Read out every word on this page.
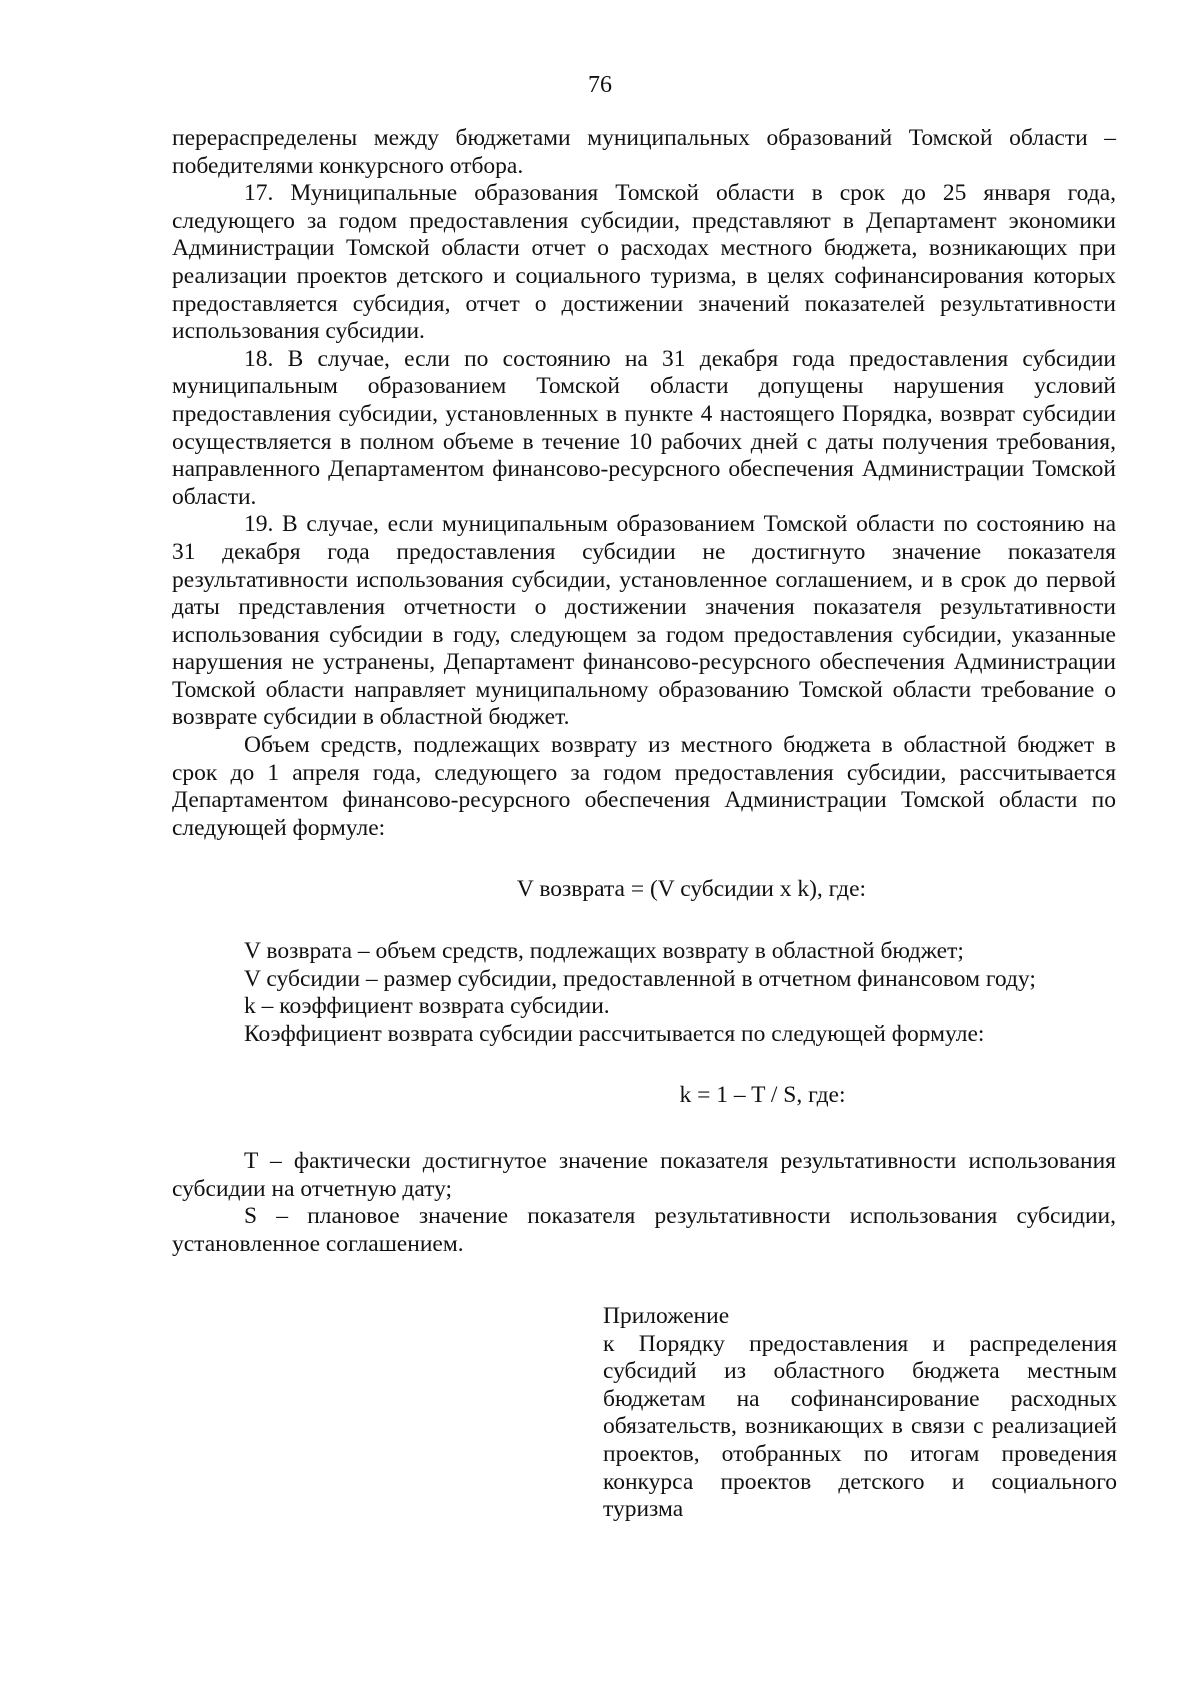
76

перераспределены между бюджетами муниципальных образований Томской области – победителями конкурсного отбора.

17. Муниципальные образования Томской области в срок до 25 января года, следующего за годом предоставления субсидии, представляют в Департамент экономики Администрации Томской области отчет о расходах местного бюджета, возникающих при реализации проектов детского и социального туризма, в целях софинансирования которых предоставляется субсидия, отчет о достижении значений показателей результативности использования субсидии.

18. В случае, если по состоянию на 31 декабря года предоставления субсидии муниципальным образованием Томской области допущены нарушения условий предоставления субсидии, установленных в пункте 4 настоящего Порядка, возврат субсидии осуществляется в полном объеме в течение 10 рабочих дней с даты получения требования, направленного Департаментом финансово-ресурсного обеспечения Администрации Томской области.

19. В случае, если муниципальным образованием Томской области по состоянию на 31 декабря года предоставления субсидии не достигнуто значение показателя результативности использования субсидии, установленное соглашением, и в срок до первой даты представления отчетности о достижении значения показателя результативности использования субсидии в году, следующем за годом предоставления субсидии, указанные нарушения не устранены, Департамент финансово-ресурсного обеспечения Администрации Томской области направляет муниципальному образованию Томской области требование о возврате субсидии в областной бюджет.

Объем средств, подлежащих возврату из местного бюджета в областной бюджет в срок до 1 апреля года, следующего за годом предоставления субсидии, рассчитывается Департаментом финансово-ресурсного обеспечения Администрации Томской области по следующей формуле:

V возврата = (V субсидии x k), где:

V возврата – объем средств, подлежащих возврату в областной бюджет;

V субсидии – размер субсидии, предоставленной в отчетном финансовом году;

k – коэффициент возврата субсидии.

Коэффициент возврата субсидии рассчитывается по следующей формуле:

k = 1 – T / S, где:

T – фактически достигнутое значение показателя результативности использования субсидии на отчетную дату;

S – плановое значение показателя результативности использования субсидии, установленное соглашением.

Приложение

к Порядку предоставления и распределения субсидий из областного бюджета местным бюджетам на софинансирование расходных обязательств, возникающих в связи с реализацией проектов, отобранных по итогам проведения конкурса проектов детского и социального туризма
